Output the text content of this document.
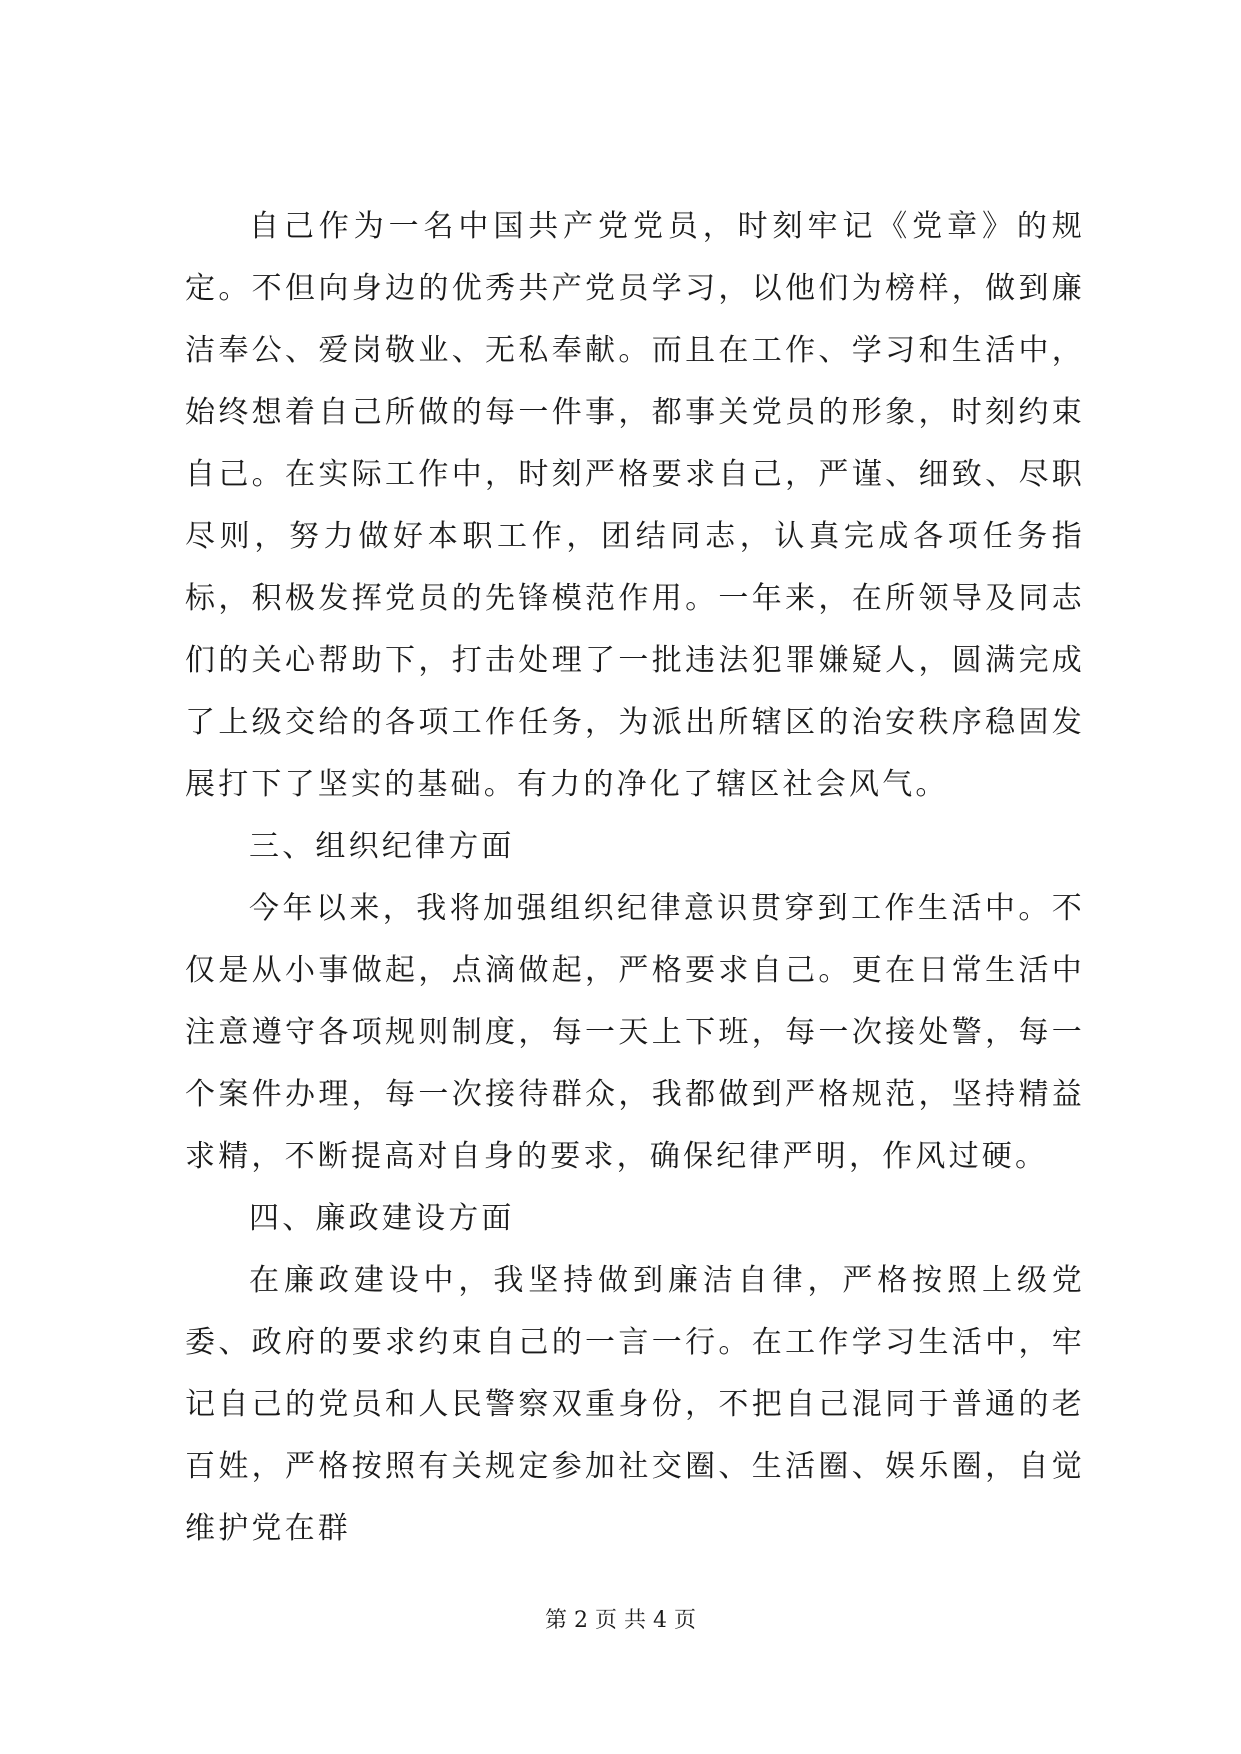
自己作为一名中国共产党党员，时刻牢记《党章》的规定。不但向身边的优秀共产党员学习，以他们为榜样，做到廉洁奉公、爱岗敬业、无私奉献。而且在工作、学习和生活中，始终想着自己所做的每一件事，都事关党员的形象，时刻约束自己。在实际工作中，时刻严格要求自己，严谨、细致、尽职尽则，努力做好本职工作，团结同志，认真完成各项任务指标，积极发挥党员的先锋模范作用。一年来，在所领导及同志们的关心帮助下，打击处理了一批违法犯罪嫌疑人，圆满完成了上级交给的各项工作任务，为派出所辖区的治安秩序稳固发展打下了坚实的基础。有力的净化了辖区社会风气。

三、组织纪律方面

今年以来，我将加强组织纪律意识贯穿到工作生活中。不仅是从小事做起，点滴做起，严格要求自己。更在日常生活中注意遵守各项规则制度，每一天上下班，每一次接处警，每一个案件办理，每一次接待群众，我都做到严格规范，坚持精益求精，不断提高对自身的要求，确保纪律严明，作风过硬。

四、廉政建设方面

在廉政建设中，我坚持做到廉洁自律，严格按照上级党委、政府的要求约束自己的一言一行。在工作学习生活中，牢记自己的党员和人民警察双重身份，不把自己混同于普通的老百姓，严格按照有关规定参加社交圈、生活圈、娱乐圈，自觉维护党在群

第 2 页 共 4 页
